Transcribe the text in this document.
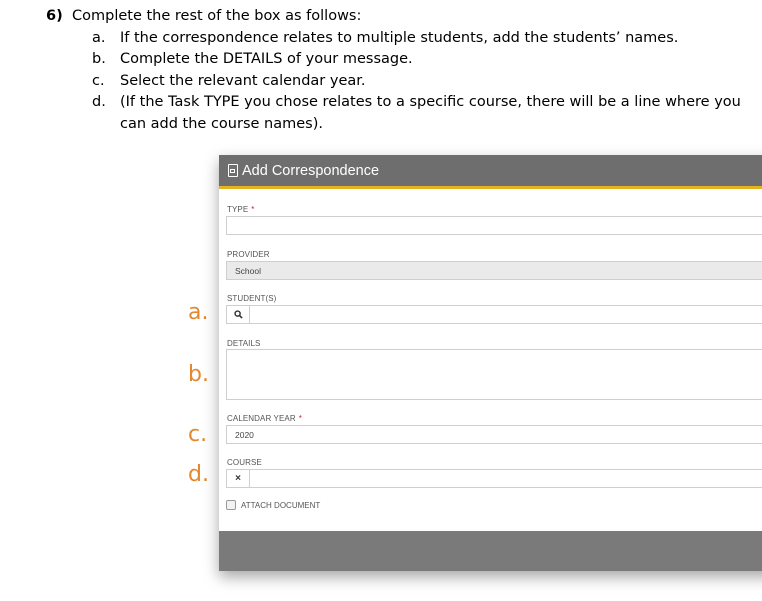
6) Complete the rest of the box as follows:
a.	If the correspondence relates to multiple students, add the students’ names.
b. Complete the DETAILS of your message.
c.	Select the relevant calendar year.
d. (If the Task TYPE you chose relates to a specific course, there will be a line where you can add the course names).
a.
b.
c.
d.
Add Correspondence
TYPE *
PROVIDER
School
STUDENT(S)
DETAILS
CALENDAR YEAR *
2020
COURSE
×
ATTACH DOCUMENT
